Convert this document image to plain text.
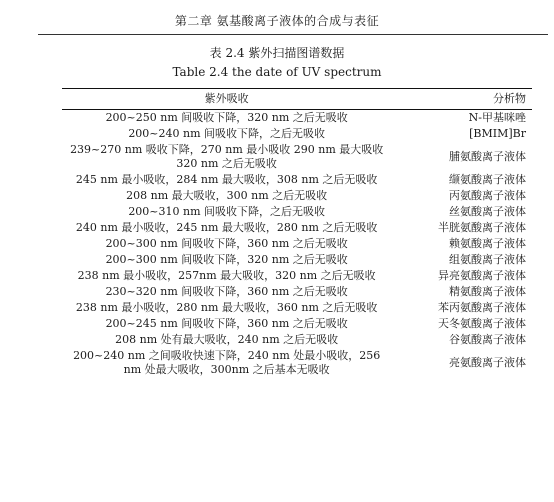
第二章 氨基酸离子液体的合成与表征
表 2.4 紫外扫描图谱数据
Table 2.4 the date of UV spectrum
紫外吸收	分析物
200~250 nm 间吸收下降，320 nm 之后无吸收	N-甲基咪唑
200~240 nm 间吸收下降，之后无吸收	[BMIM]Br
239~270 nm 吸收下降，270 nm 最小吸收 290 nm 最大吸收 320 nm 之后无吸收	脯氨酸离子液体
245 nm 最小吸收，284 nm 最大吸收，308 nm 之后无吸收	缬氨酸离子液体
208 nm 最大吸收，300 nm 之后无吸收	丙氨酸离子液体
200~310 nm 间吸收下降，之后无吸收	丝氨酸离子液体
240 nm 最小吸收，245 nm 最大吸收，280 nm 之后无吸收	半胱氨酸离子液体
200~300 nm 间吸收下降，360 nm 之后无吸收	赖氨酸离子液体
200~300 nm 间吸收下降，320 nm 之后无吸收	组氨酸离子液体
238 nm 最小吸收，257nm 最大吸收，320 nm 之后无吸收	异亮氨酸离子液体
230~320 nm 间吸收下降，360 nm 之后无吸收	精氨酸离子液体
238 nm 最小吸收，280 nm 最大吸收，360 nm 之后无吸收	苯丙氨酸离子液体
200~245 nm 间吸收下降，360 nm 之后无吸收	天冬氨酸离子液体
208 nm 处有最大吸收，240 nm 之后无吸收	谷氨酸离子液体
200~240 nm 之间吸收快速下降，240 nm 处最小吸收，256 nm 处最大吸收，300nm 之后基本无吸收	亮氨酸离子液体
